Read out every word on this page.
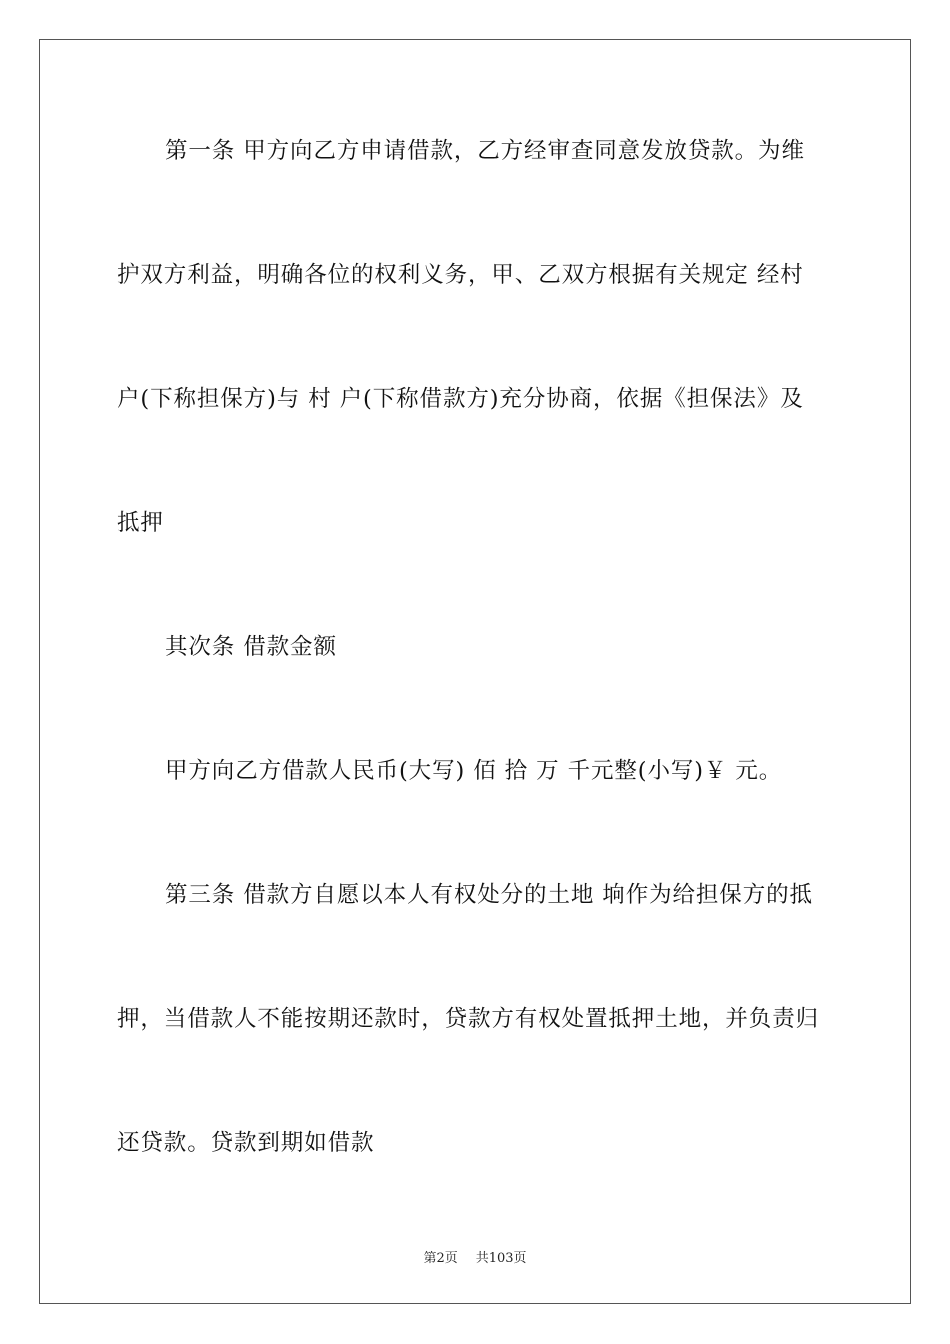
第一条 甲方向乙方申请借款，乙方经审查同意发放贷款。为维
护双方利益，明确各位的权利义务，甲、乙双方根据有关规定 经村
户(下称担保方)与 村 户(下称借款方)充分协商，依据《担保法》及
抵押
其次条 借款金额
甲方向乙方借款人民币(大写) 佰 拾 万 千元整(小写)￥ 元。
第三条 借款方自愿以本人有权处分的土地 垧作为给担保方的抵
押，当借款人不能按期还款时，贷款方有权处置抵押土地，并负责归
还贷款。贷款到期如借款
第2页 共103页
